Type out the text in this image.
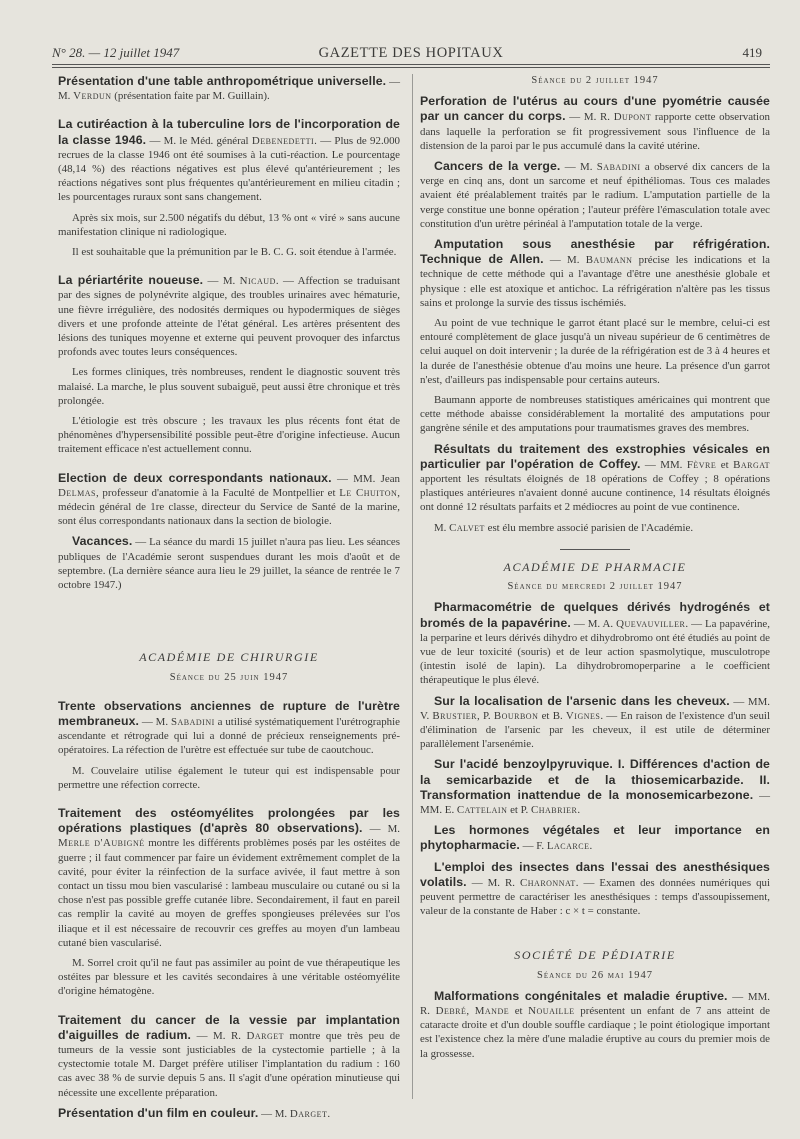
N° 28. — 12 juillet 1947	GAZETTE DES HOPITAUX	419

Présentation d'une table anthropométrique universelle. — M. Verdun (présentation faite par M. Guillain).

La cutiréaction à la tuberculine lors de l'incorporation de la classe 1946. — M. le Méd. général Debenedetti. — Plus de 92.000 recrues de la classe 1946 ont été soumises à la cuti-réaction. Le pourcentage (48,14 %) des réactions négatives est plus élevé qu'antérieurement ; les réactions négatives sont plus fréquentes qu'antérieurement en milieu citadin ; les pourcentages ruraux sont sans changement.

Après six mois, sur 2.500 négatifs du début, 13 % ont « viré » sans aucune manifestation clinique ni radiologique.

Il est souhaitable que la prémunition par le B. C. G. soit étendue à l'armée.

La périartérite noueuse. — M. Nicaud. — Affection se traduisant par des signes de polynévrite algique, des troubles urinaires avec hématurie, une fièvre irrégulière, des nodosités dermiques ou hypodermiques de sièges divers et une profonde atteinte de l'état général. Les artères présentent des lésions des tuniques moyenne et externe qui peuvent provoquer des infarctus profonds avec toutes leurs conséquences.

Les formes cliniques, très nombreuses, rendent le diagnostic souvent très malaisé. La marche, le plus souvent subaiguë, peut aussi être chronique et très prolongée.

L'étiologie est très obscure ; les travaux les plus récents font état de phénomènes d'hypersensibilité possible peut-être d'origine infectieuse. Aucun traitement efficace n'est actuellement connu.

Election de deux correspondants nationaux. — MM. Jean Delmas, professeur d'anatomie à la Faculté de Montpellier et Le Chuiton, médecin général de 1re classe, directeur du Service de Santé de la marine, sont élus correspondants nationaux dans la section de biologie.

Vacances. — La séance du mardi 15 juillet n'aura pas lieu. Les séances publiques de l'Académie seront suspendues durant les mois d'août et de septembre. (La dernière séance aura lieu le 29 juillet, la séance de rentrée le 7 octobre 1947.)

ACADÉMIE DE CHIRURGIE

Séance du 25 juin 1947

Trente observations anciennes de rupture de l'urètre membraneux. — M. Sabadini a utilisé systématiquement l'urétrographie ascendante et rétrograde qui lui a donné de précieux renseignements pré-opératoires. La réfection de l'urètre est effectuée sur tube de caoutchouc.

M. Couvelaire utilise également le tuteur qui est indispensable pour permettre une réfection correcte.

Traitement des ostéomyélites prolongées par les opérations plastiques (d'après 80 observations). — M. Merle d'Aubigné montre les différents problèmes posés par les ostéites de guerre ; il faut commencer par faire un évidement extrêmement complet de la cavité, pour éviter la réinfection de la surface avivée, il faut mettre à son contact un tissu mou bien vascularisé : lambeau musculaire ou cutané ou si la chose n'est pas possible greffe cutanée libre. Secondairement, il faut en pareil cas remplir la cavité au moyen de greffes spongieuses prélevées sur l'os iliaque et il est nécessaire de recouvrir ces greffes au moyen d'un lambeau cutané bien vascularisé.

M. Sorrel croit qu'il ne faut pas assimiler au point de vue thérapeutique les ostéites par blessure et les cavités secondaires à une véritable ostéomyélite d'origine hématogène.

Traitement du cancer de la vessie par implantation d'aiguilles de radium. — M. R. Darget montre que très peu de tumeurs de la vessie sont justiciables de la cystectomie partielle ; à la cystectomie totale M. Darget préfère utiliser l'implantation du radium : 160 cas avec 38 % de survie depuis 5 ans. Il s'agit d'une opération minutieuse qui nécessite une excellente préparation.

Présentation d'un film en couleur. — M. Darget.

Séance du 2 juillet 1947

Perforation de l'utérus au cours d'une pyométrie causée par un cancer du corps. — M. R. Dupont rapporte cette observation dans laquelle la perforation se fit progressivement sous l'influence de la distension de la paroi par le pus accumulé dans la cavité utérine.

Cancers de la verge. — M. Sabadini a observé dix cancers de la verge en cinq ans, dont un sarcome et neuf épithéliomas. Tous ces malades avaient été préalablement traités par le radium. L'amputation partielle de la verge constitue une bonne opération ; l'auteur préfère l'émasculation totale avec constitution d'un urètre périnéal à l'amputation totale de la verge.

Amputation sous anesthésie par réfrigération. Technique de Allen. — M. Baumann précise les indications et la technique de cette méthode qui a l'avantage d'être une anesthésie globale et physique : elle est atoxique et antichoc. La réfrigération n'altère pas les tissus sains et prolonge la survie des tissus ischémiés.

Au point de vue technique le garrot étant placé sur le membre, celui-ci est entouré complètement de glace jusqu'à un niveau supérieur de 6 centimètres de celui auquel on doit intervenir ; la durée de la réfrigération est de 3 à 4 heures et la durée de l'anesthésie obtenue d'au moins une heure. La présence d'un garrot n'est, d'ailleurs pas indispensable pour certains auteurs.

Baumann apporte de nombreuses statistiques américaines qui montrent que cette méthode abaisse considérablement la mortalité des amputations pour gangrène sénile et des amputations pour traumatismes graves des membres.

Résultats du traitement des exstrophies vésicales en particulier par l'opération de Coffey. — MM. Fèvre et Bargat apportent les résultats éloignés de 18 opérations de Coffey ; 8 opérations plastiques antérieures n'avaient donné aucune continence, 14 résultats éloignés ont donné 12 résultats parfaits et 2 médiocres au point de vue continence.

M. Calvet est élu membre associé parisien de l'Académie.

ACADÉMIE DE PHARMACIE

Séance du mercredi 2 juillet 1947

Pharmacométrie de quelques dérivés hydrogénés et bromés de la papavérine. — M. A. Quevauviller. — La papavérine, la perparine et leurs dérivés dihydro et dihydrobromo ont été étudiés au point de vue de leur toxicité (souris) et de leur action spasmolytique, musculotrope (intestin isolé de lapin). La dihydrobromoperparine a le coefficient thérapeutique le plus élevé.

Sur la localisation de l'arsenic dans les cheveux. — MM. V. Brustier, P. Bourbon et B. Vignes. — En raison de l'existence d'un seuil d'élimination de l'arsenic par les cheveux, il est utile de déterminer parallèlement l'arsenémie.

Sur l'acidé benzoylpyruvique. I. Différences d'action de la semicarbazide et de la thiosemicarbazide. II. Transformation inattendue de la monosemicarbezone. — MM. E. Cattelain et P. Chabrier.

Les hormones végétales et leur importance en phytopharmacie. — F. Lacarce.

L'emploi des insectes dans l'essai des anesthésiques volatils. — M. R. Charonnat. — Examen des données numériques qui peuvent permettre de caractériser les anesthésiques : temps d'assoupissement, valeur de la constante de Haber : c × t = constante.

SOCIÉTÉ DE PÉDIATRIE

Séance du 26 mai 1947

Malformations congénitales et maladie éruptive. — MM. R. Debré, Mande et Nouaille présentent un enfant de 7 ans atteint de cataracte droite et d'un double souffle cardiaque ; le point étiologique important est l'existence chez la mère d'une maladie éruptive au cours du premier mois de la grossesse.
